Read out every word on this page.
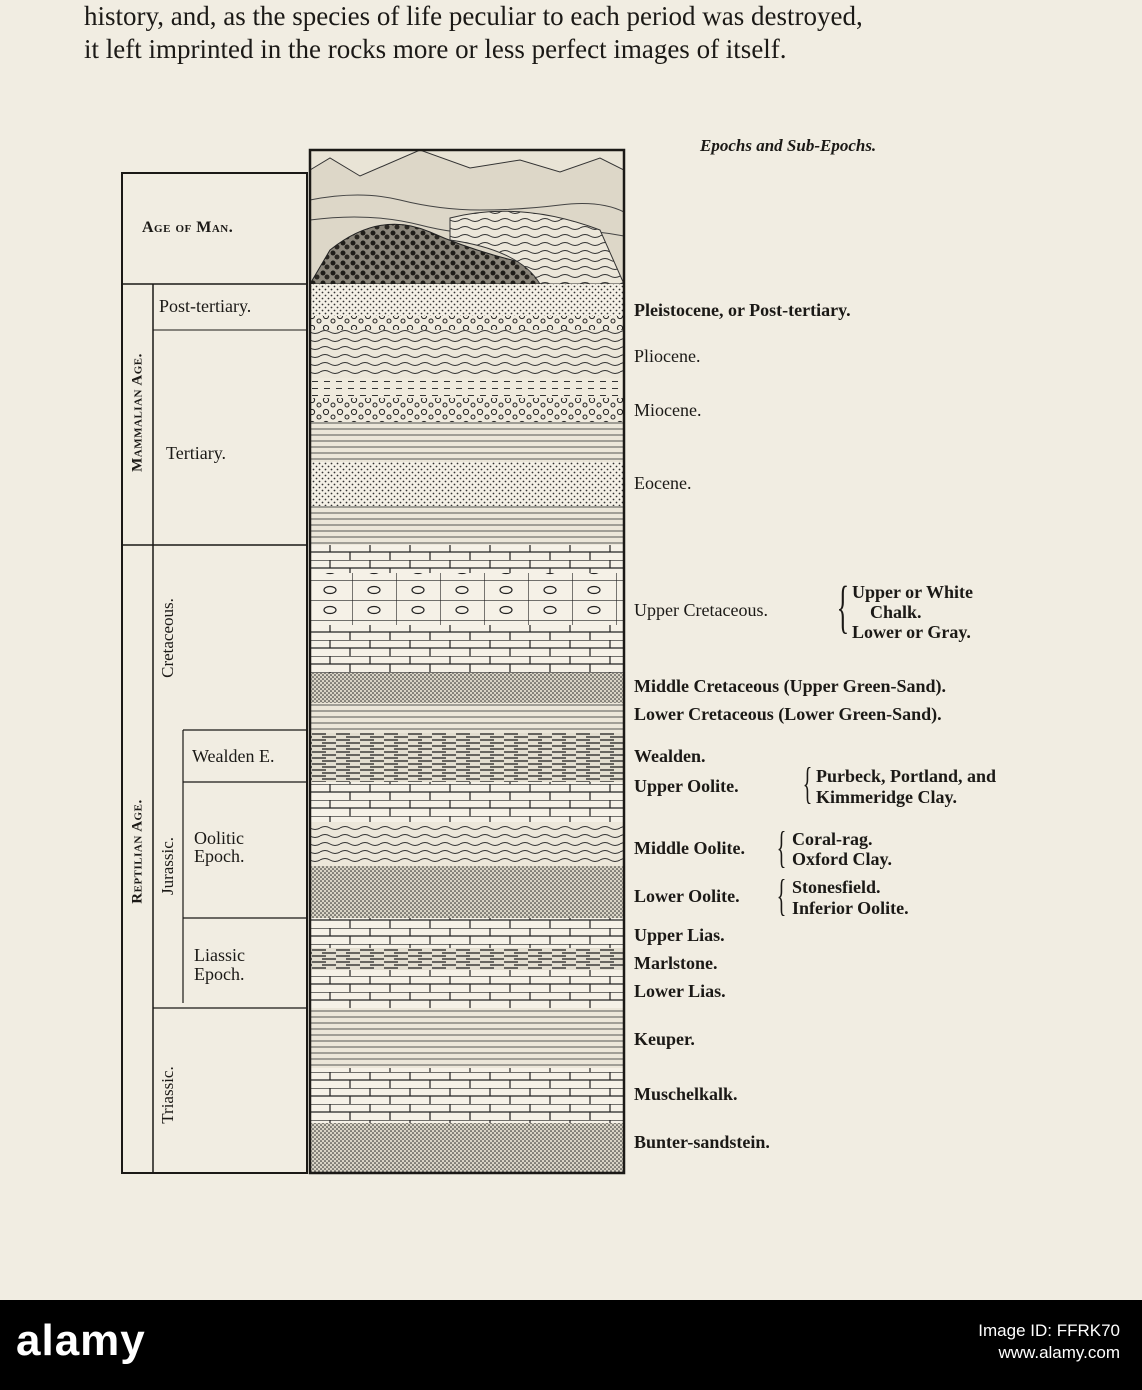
history, and, as the species of life peculiar to each period was destroyed,
it left imprinted in the rocks more or less perfect images of itself.
Epochs and Sub-Epochs.
Age of Man.
Post-tertiary.
Tertiary.
Mammalian Age.
Cretaceous.
Wealden E.
Reptilian Age. Jurassic. Oolitic
Epoch.
Liassic
Epoch.
Triassic.
Pleistocene, or Post-tertiary.
Pliocene.
Miocene.
Eocene.
Upper Cretaceous. { Upper or White
Chalk.
Lower or Gray.
Middle Cretaceous (Upper Green-Sand).
Lower Cretaceous (Lower Green-Sand).
Wealden.
Upper Oolite. { Purbeck, Portland, and
Kimmeridge Clay.
Middle Oolite. { Coral-rag.
Oxford Clay.
Lower Oolite. { Stonesfield.
Inferior Oolite.
Upper Lias.
Marlstone.
Lower Lias.
Keuper.
Muschelkalk.
Bunter-sandstein.
alamy	Image ID: FFRK70
www.alamy.com
